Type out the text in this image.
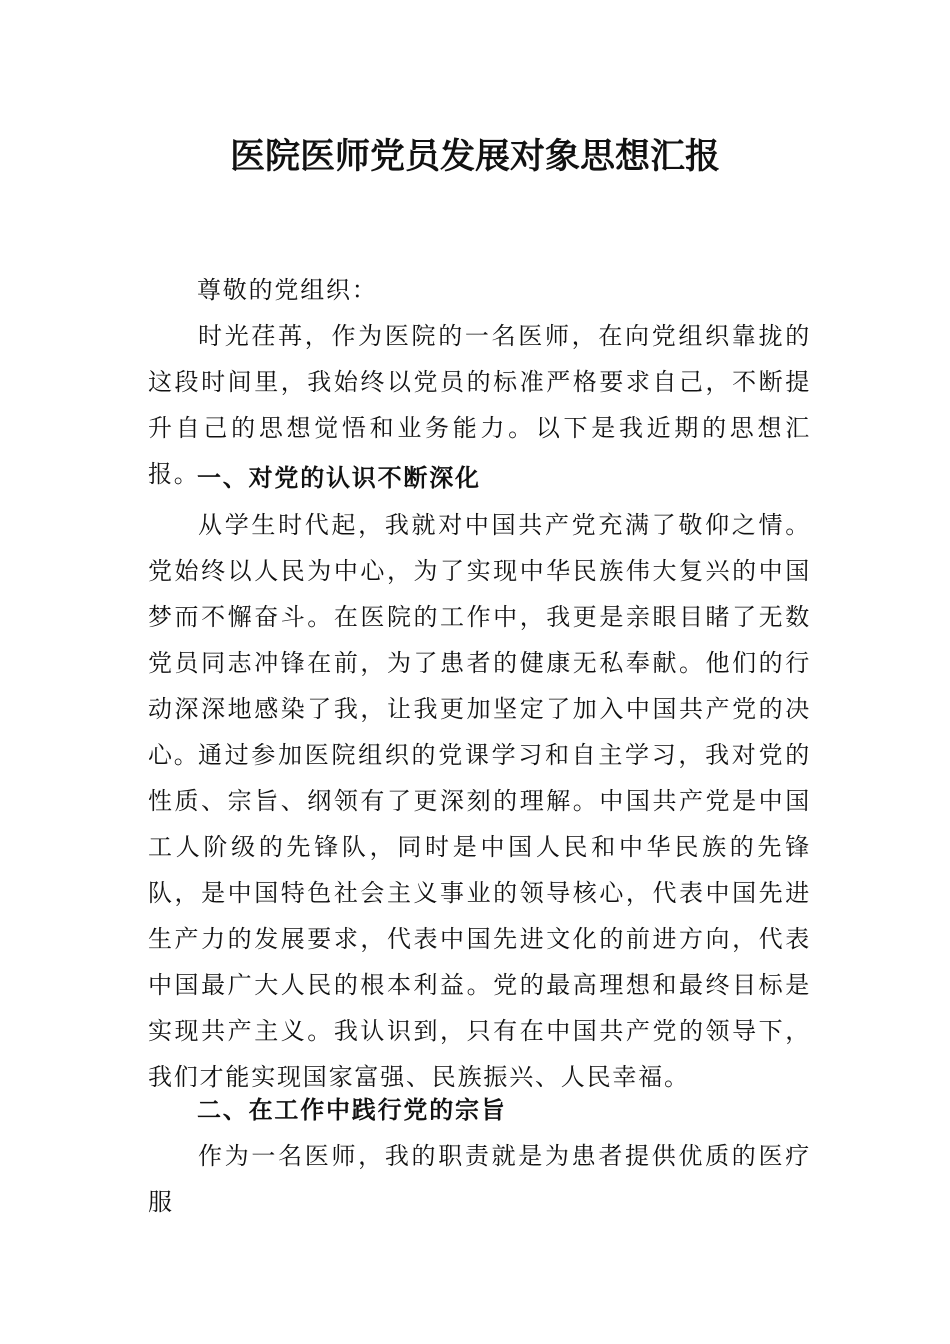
医院医师党员发展对象思想汇报
尊敬的党组织：

时光荏苒，作为医院的一名医师，在向党组织靠拢的这段时间里，我始终以党员的标准严格要求自己，不断提升自己的思想觉悟和业务能力。以下是我近期的思想汇报。

一、对党的认识不断深化

从学生时代起，我就对中国共产党充满了敬仰之情。党始终以人民为中心，为了实现中华民族伟大复兴的中国梦而不懈奋斗。在医院的工作中，我更是亲眼目睹了无数党员同志冲锋在前，为了患者的健康无私奉献。他们的行动深深地感染了我，让我更加坚定了加入中国共产党的决心。

通过参加医院组织的党课学习和自主学习，我对党的性质、宗旨、纲领有了更深刻的理解。中国共产党是中国工人阶级的先锋队，同时是中国人民和中华民族的先锋队，是中国特色社会主义事业的领导核心，代表中国先进生产力的发展要求，代表中国先进文化的前进方向，代表中国最广大人民的根本利益。党的最高理想和最终目标是实现共产主义。我认识到，只有在中国共产党的领导下，我们才能实现国家富强、民族振兴、人民幸福。

二、在工作中践行党的宗旨

作为一名医师，我的职责就是为患者提供优质的医疗服
